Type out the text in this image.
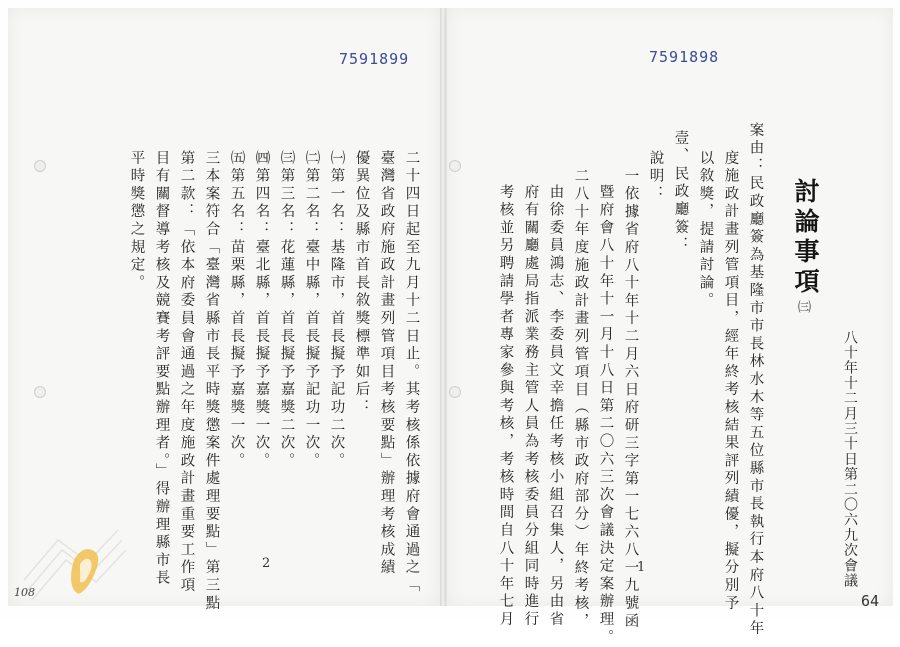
7591899
二十四日起至九月十二日止。其考核係依據府會通過之「
臺灣省政府施政計畫列管項目考核要點」辦理考核成績
優異位及縣市首長敘獎標準如后：
㈠第一名：基隆市，首長擬予記功二次。
㈡第二名：臺中縣，首長擬予記功一次。
㈢第三名：花蓮縣，首長擬予嘉獎二次。
㈣第四名：臺北縣，首長擬予嘉獎一次。
㈤第五名：苗栗縣，首長擬予嘉獎一次。
三本案符合「臺灣省縣市長平時獎懲案件處理要點」第三點
第二款：「依本府委員會通過之年度施政計畫重要工作項
目有關督導考核及競賽考評要點辦理者。」得辦理縣市長
平時獎懲之規定。
2
108
7591898
討論事項
㈢
八十年十二月三十日第二〇六九次會議
案由：民政廳簽為基隆市市長林水木等五位縣市長執行本府八十年
度施政計畫列管項目，經年終考核結果評列績優，擬分別予
以敘獎，提請討論。
壹、民政廳簽：
說明：
一依據省府八十年十二月六日府研三字第一七六八一九號函
暨府會八十年十一月十八日第二〇六三次會議決定案辦理。
二八十年度施政計畫列管項目（縣市政府部分）年終考核，
由徐委員鴻志、李委員文幸擔任考核小組召集人，另由省
府有關廳處局指派業務主管人員為考核委員分組同時進行
考核並另聘請學者專家參與考核，考核時間自八十年七月	1
64
